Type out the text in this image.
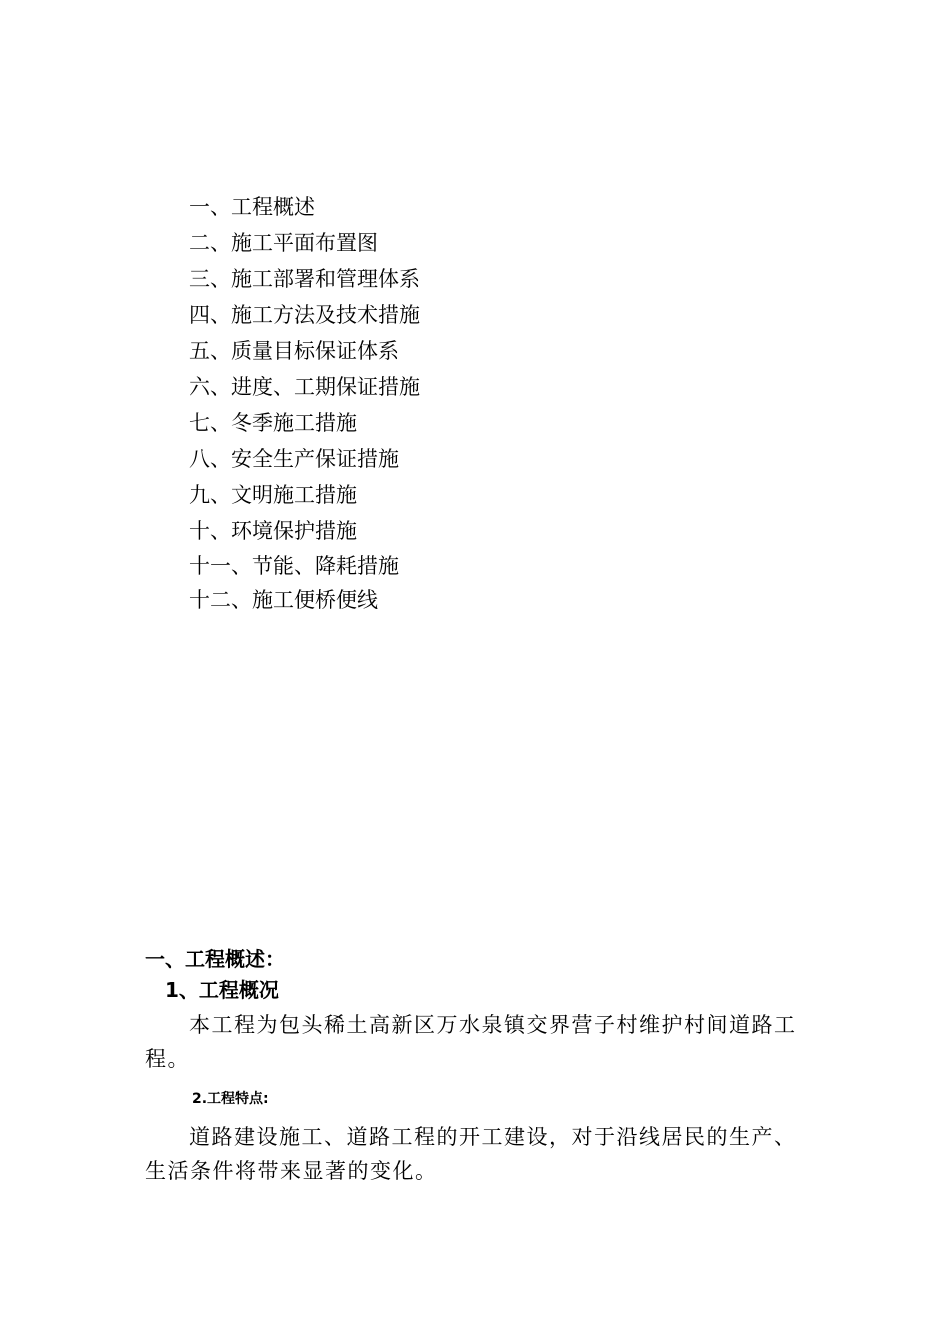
一、工程概述
二、施工平面布置图
三、施工部署和管理体系
四、施工方法及技术措施
五、质量目标保证体系
六、进度、工期保证措施
七、冬季施工措施
八、安全生产保证措施
九、文明施工措施
十、环境保护措施
十一、节能、降耗措施
十二、施工便桥便线
一、工程概述：
1、工程概况

本工程为包头稀土高新区万水泉镇交界营子村维护村间道路工程。

2.工程特点:

道路建设施工、道路工程的开工建设，对于沿线居民的生产、生活条件将带来显著的变化。
